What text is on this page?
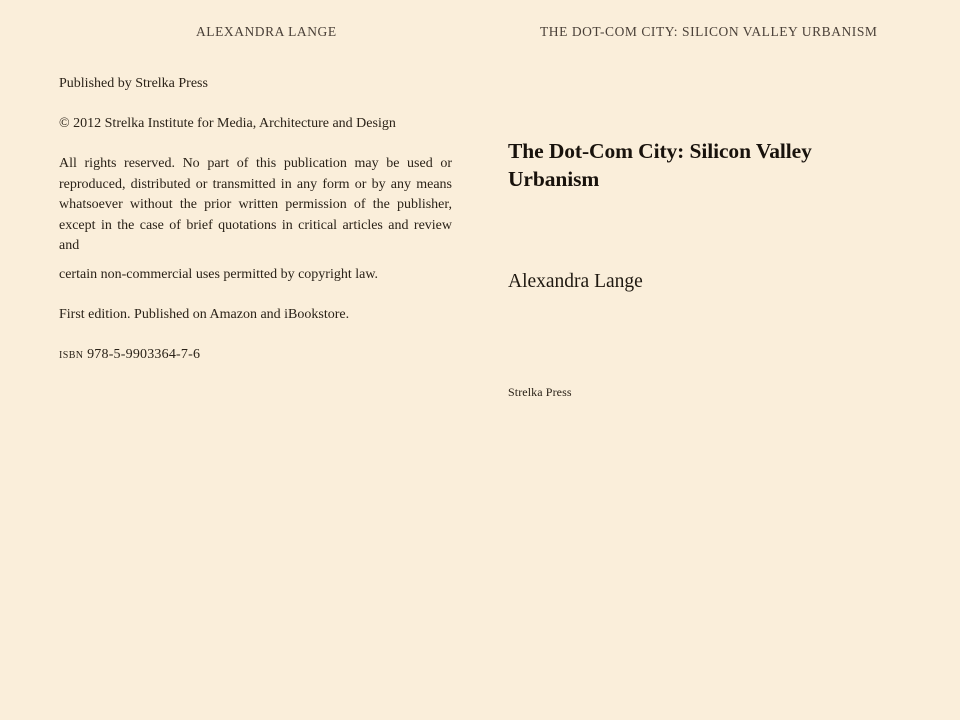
ALEXANDRA LANGE	THE DOT-COM CITY: SILICON VALLEY URBANISM

Published by Strelka Press

© 2012 Strelka Institute for Media, Architecture and Design

All rights reserved. No part of this publication may be used or reproduced, distributed or transmitted in any form or by any means whatsoever without the prior written permission of the publisher, except in the case of brief quotations in critical articles and review and

certain non-commercial uses permitted by copyright law.

First edition. Published on Amazon and iBookstore.

isbn 978-5-9903364-7-6

The Dot-Com City: Silicon Valley Urbanism
Alexandra Lange

Strelka Press
